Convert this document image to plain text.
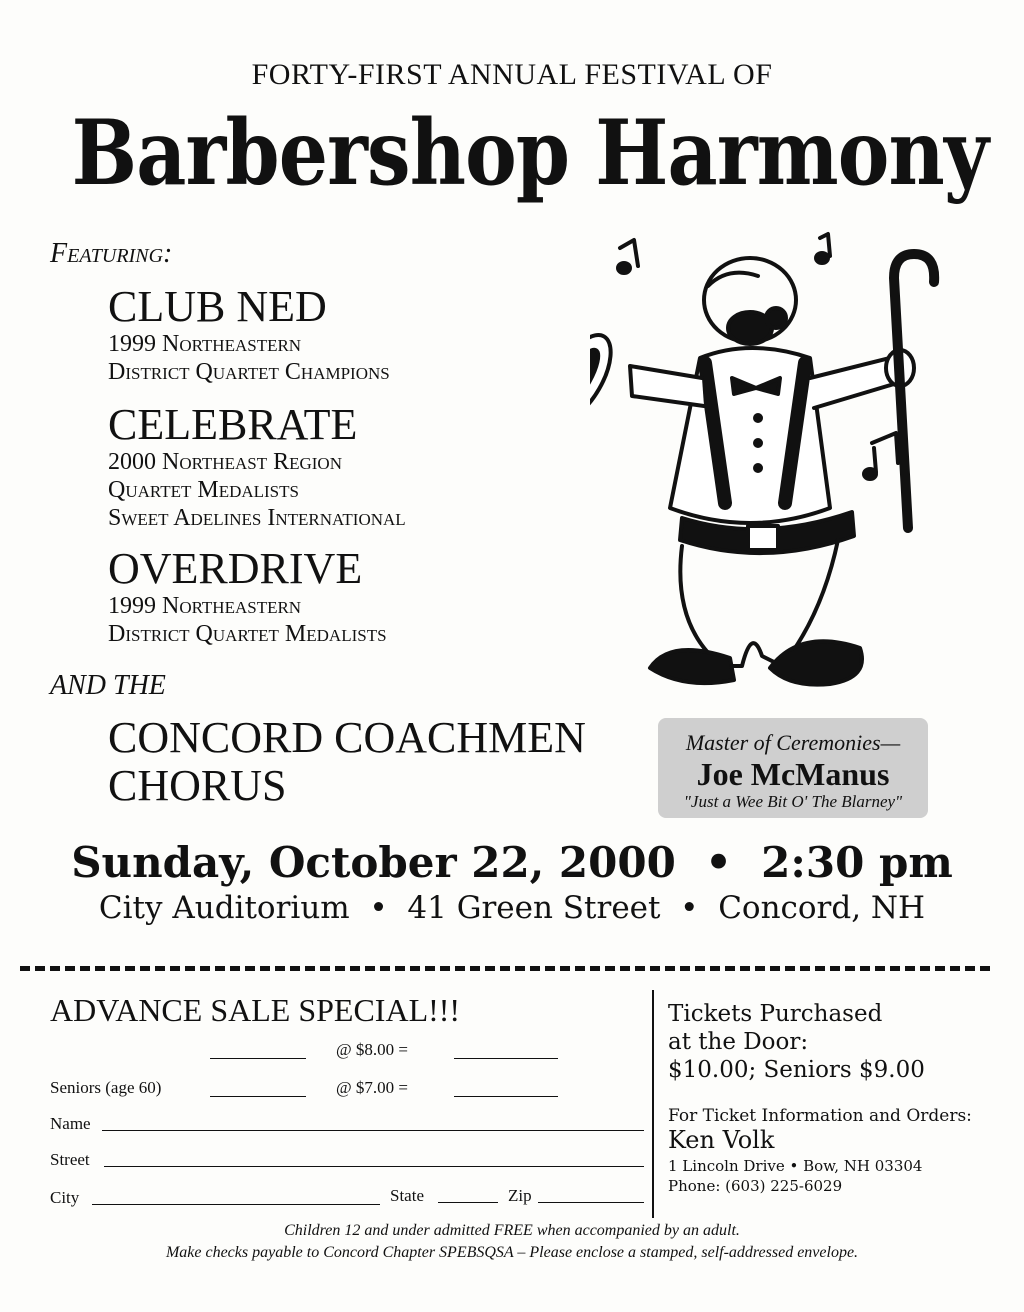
FORTY-FIRST ANNUAL FESTIVAL OF
Barbershop Harmony
Featuring:
CLUB NED
1999 Northeastern
District Quartet Champions
CELEBRATE
2000 Northeast Region
Quartet Medalists
Sweet Adelines International
OVERDRIVE
1999 Northeastern
District Quartet Medalists
AND THE
CONCORD COACHMEN
CHORUS
Master of Ceremonies—
Joe McManus
"Just a Wee Bit O' The Blarney"
Sunday, October 22, 2000  •  2:30 pm
City Auditorium  •  41 Green Street  •  Concord, NH
ADVANCE SALE SPECIAL!!!
@ $8.00 =
Seniors (age 60)	@ $7.00 =
Name
Street
City	State	Zip
Tickets Purchased
at the Door:
$10.00; Seniors $9.00
For Ticket Information and Orders:
Ken Volk
1 Lincoln Drive • Bow, NH 03304
Phone: (603) 225-6029
Children 12 and under admitted FREE when accompanied by an adult.
Make checks payable to Concord Chapter SPEBSQSA – Please enclose a stamped, self-addressed envelope.
